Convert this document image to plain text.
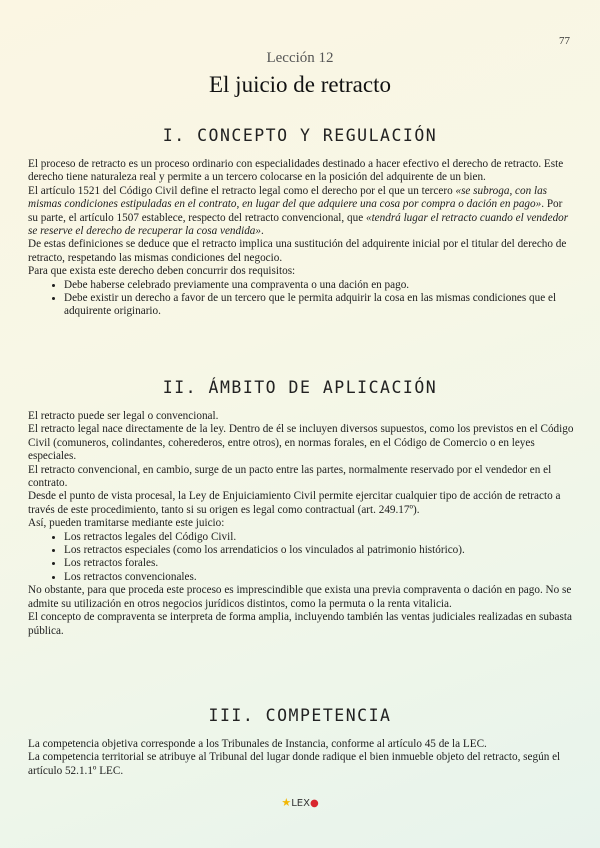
77
Lección 12
El juicio de retracto
I. CONCEPTO Y REGULACIÓN

El proceso de retracto es un proceso ordinario con especialidades destinado a hacer efectivo el derecho de retracto. Este derecho tiene naturaleza real y permite a un tercero colocarse en la posición del adquirente de un bien.

El artículo 1521 del Código Civil define el retracto legal como el derecho por el que un tercero «se subroga, con las mismas condiciones estipuladas en el contrato, en lugar del que adquiere una cosa por compra o dación en pago». Por su parte, el artículo 1507 establece, respecto del retracto convencional, que «tendrá lugar el retracto cuando el vendedor se reserve el derecho de recuperar la cosa vendida».

De estas definiciones se deduce que el retracto implica una sustitución del adquirente inicial por el titular del derecho de retracto, respetando las mismas condiciones del negocio.

Para que exista este derecho deben concurrir dos requisitos:

• Debe haberse celebrado previamente una compraventa o una dación en pago.
• Debe existir un derecho a favor de un tercero que le permita adquirir la cosa en las mismas condiciones que el adquirente originario.
II. ÁMBITO DE APLICACIÓN

El retracto puede ser legal o convencional.

El retracto legal nace directamente de la ley. Dentro de él se incluyen diversos supuestos, como los previstos en el Código Civil (comuneros, colindantes, coherederos, entre otros), en normas forales, en el Código de Comercio o en leyes especiales.

El retracto convencional, en cambio, surge de un pacto entre las partes, normalmente reservado por el vendedor en el contrato.

Desde el punto de vista procesal, la Ley de Enjuiciamiento Civil permite ejercitar cualquier tipo de acción de retracto a través de este procedimiento, tanto si su origen es legal como contractual (art. 249.17º).

Así, pueden tramitarse mediante este juicio:

• Los retractos legales del Código Civil.
• Los retractos especiales (como los arrendaticios o los vinculados al patrimonio histórico).
• Los retractos forales.
• Los retractos convencionales.

No obstante, para que proceda este proceso es imprescindible que exista una previa compraventa o dación en pago. No se admite su utilización en otros negocios jurídicos distintos, como la permuta o la renta vitalicia.

El concepto de compraventa se interpreta de forma amplia, incluyendo también las ventas judiciales realizadas en subasta pública.

III. COMPETENCIA

La competencia objetiva corresponde a los Tribunales de Instancia, conforme al artículo 45 de la LEC.

La competencia territorial se atribuye al Tribunal del lugar donde radique el bien inmueble objeto del retracto, según el artículo 52.1.1º LEC.

★LEX●
